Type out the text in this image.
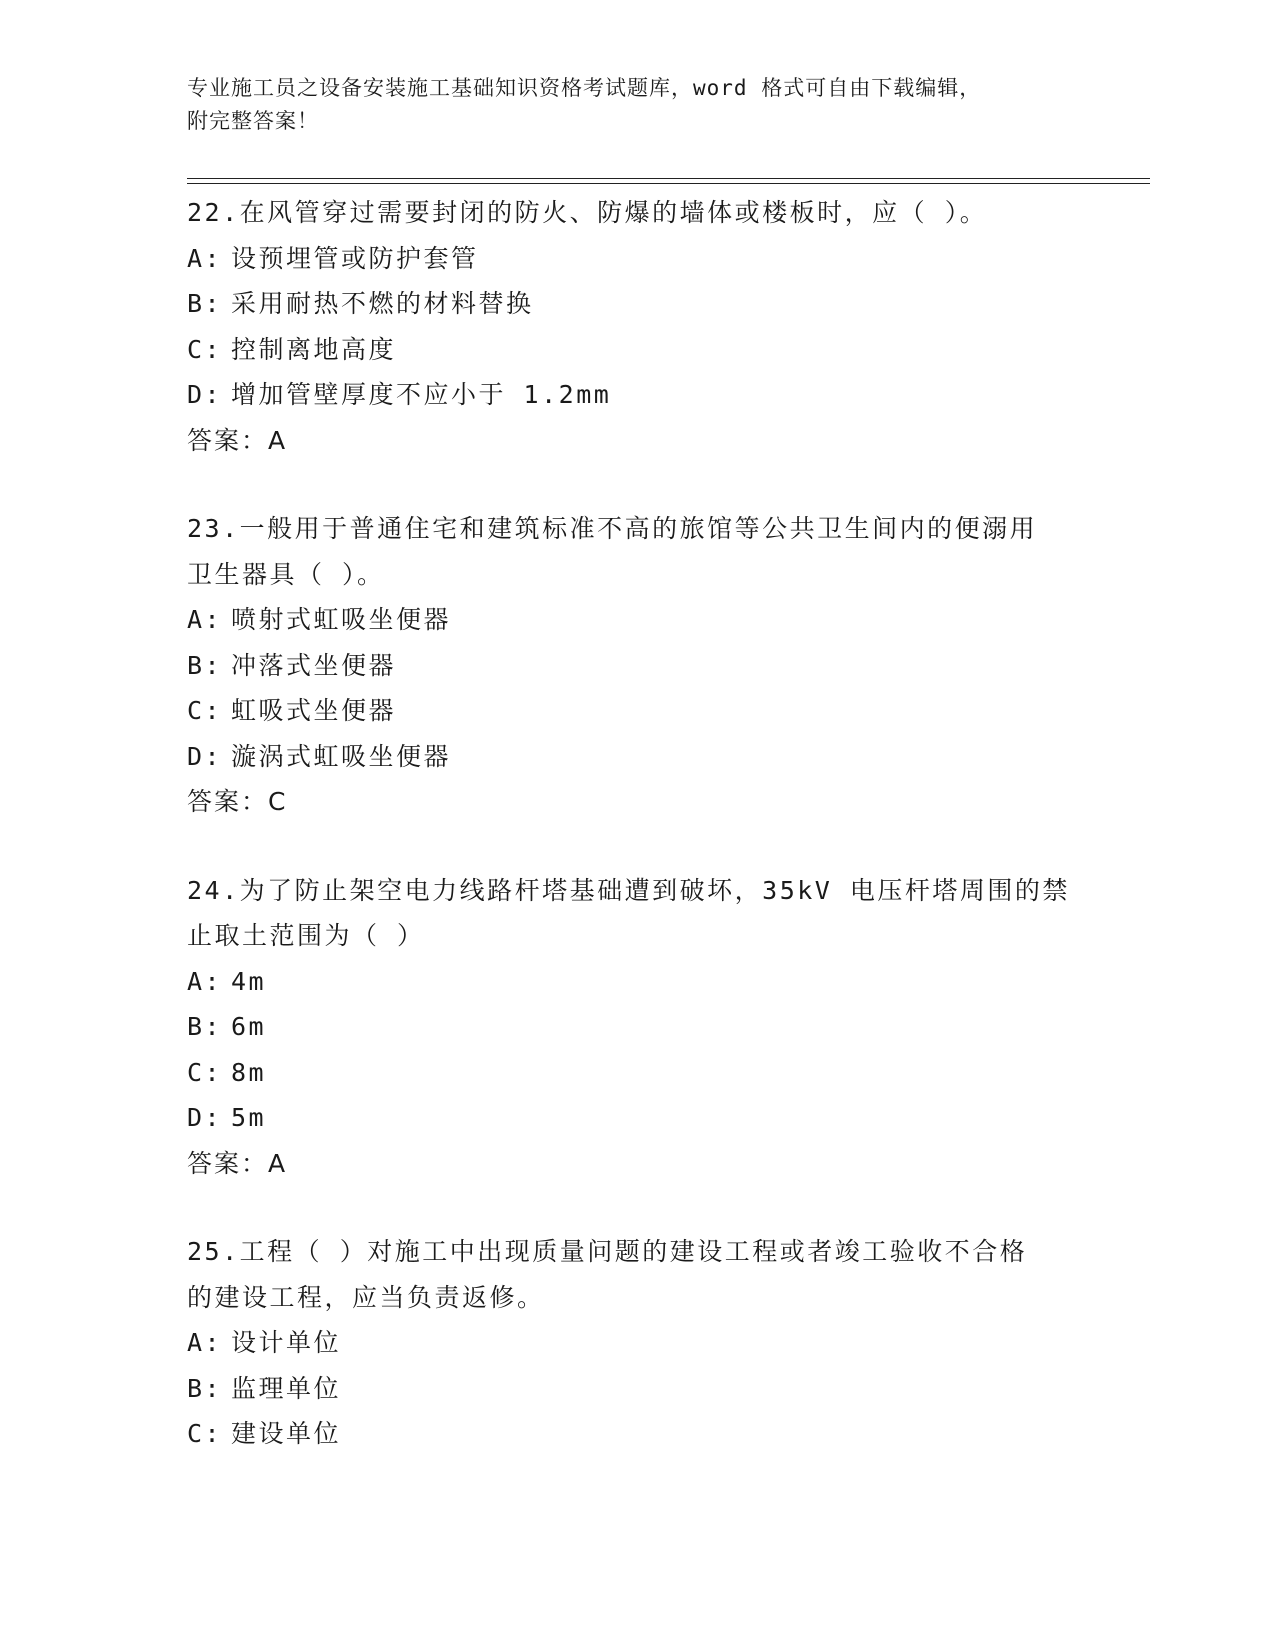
专业施工员之设备安装施工基础知识资格考试题库，word 格式可自由下载编辑，
附完整答案！
22.在风管穿过需要封闭的防火、防爆的墙体或楼板时，应（ ）。
A: 设预埋管或防护套管
B: 采用耐热不燃的材料替换
C: 控制离地高度
D: 增加管壁厚度不应小于 1.2mm
答案：A
23.一般用于普通住宅和建筑标准不高的旅馆等公共卫生间内的便溺用
卫生器具（ ）。
A: 喷射式虹吸坐便器
B: 冲落式坐便器
C: 虹吸式坐便器
D: 漩涡式虹吸坐便器
答案：C
24.为了防止架空电力线路杆塔基础遭到破坏，35kV 电压杆塔周围的禁
止取土范围为（ ）
A: 4m
B: 6m
C: 8m
D: 5m
答案：A
25.工程（ ）对施工中出现质量问题的建设工程或者竣工验收不合格
的建设工程，应当负责返修。
A: 设计单位
B: 监理单位
C: 建设单位
